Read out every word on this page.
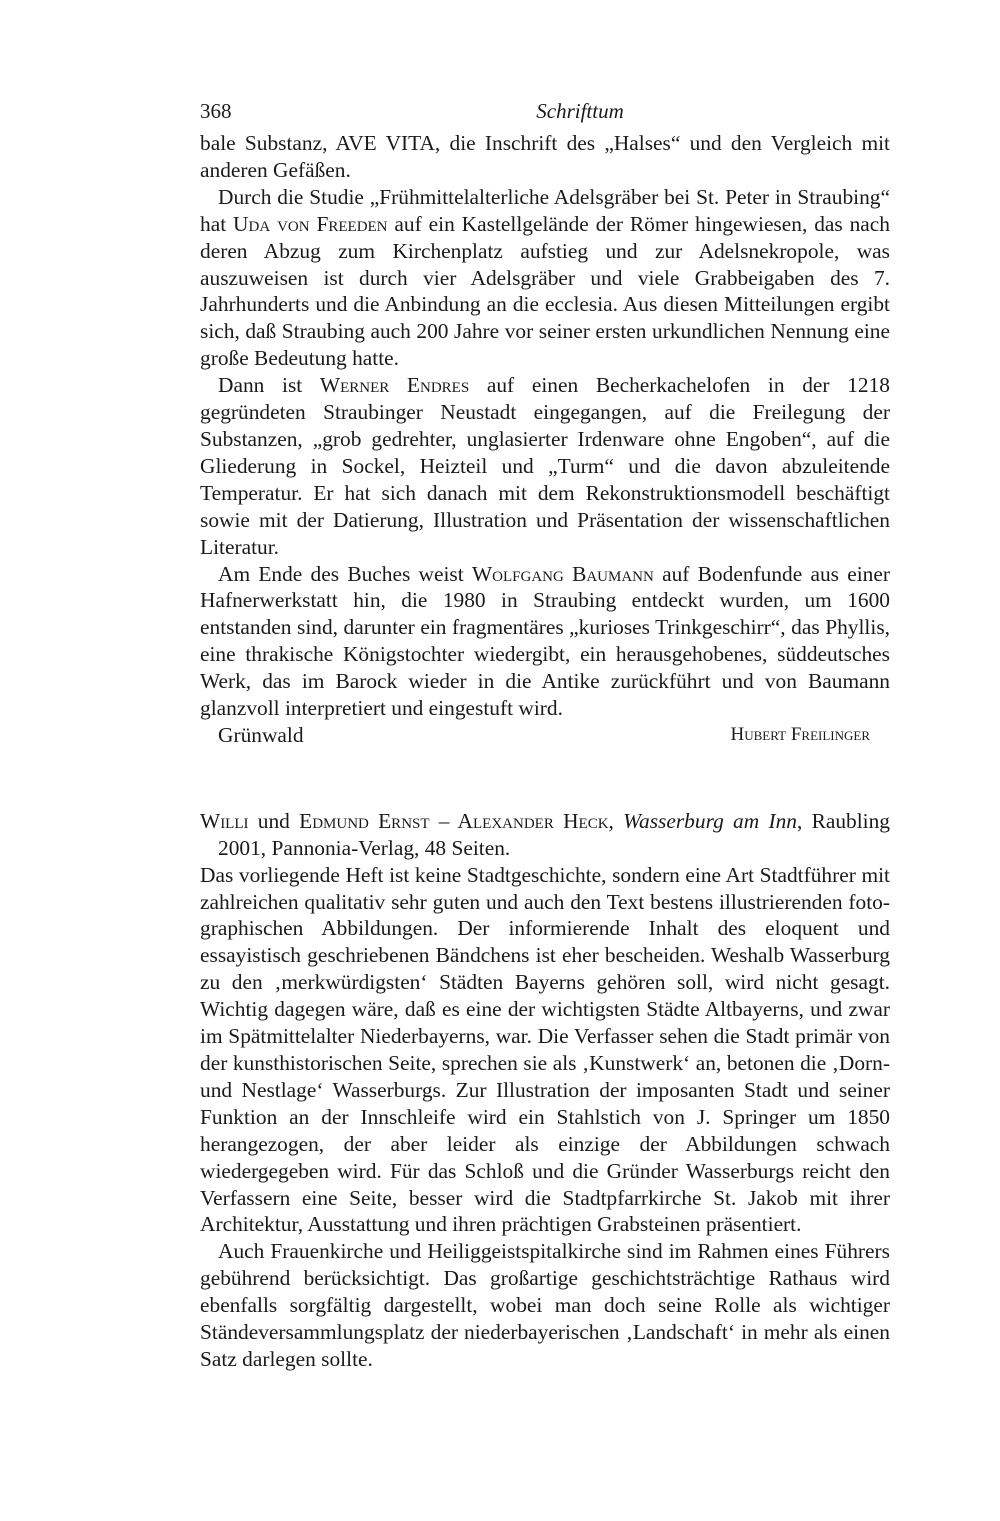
368	Schrifttum

bale Substanz, AVE VITA, die Inschrift des „Halses“ und den Vergleich mit anderen Gefäßen.

Durch die Studie „Frühmittelalterliche Adelsgräber bei St. Peter in Straubing“ hat Uda von Freeden auf ein Kastellgelände der Römer hingewiesen, das nach deren Abzug zum Kirchenplatz aufstieg und zur Adelsnekropole, was auszuweisen ist durch vier Adelsgräber und viele Grabbeigaben des 7. Jahrhunderts und die Anbindung an die ecclesia. Aus diesen Mitteilungen ergibt sich, daß Straubing auch 200 Jahre vor seiner ersten urkundlichen Nennung eine große Bedeutung hatte.

Dann ist Werner Endres auf einen Becherkachelofen in der 1218 gegründeten Straubinger Neustadt eingegangen, auf die Freilegung der Substanzen, „grob gedrehter, unglasierter Irdenware ohne Engoben“, auf die Gliederung in Sockel, Heizteil und „Turm“ und die davon abzuleitende Temperatur. Er hat sich danach mit dem Rekonstruktionsmodell beschäftigt sowie mit der Datierung, Illustration und Präsentation der wissenschaftlichen Literatur.

Am Ende des Buches weist Wolfgang Baumann auf Bodenfunde aus einer Hafnerwerkstatt hin, die 1980 in Straubing entdeckt wurden, um 1600 entstanden sind, darunter ein fragmentäres „kurioses Trinkgeschirr“, das Phyllis, eine thrakische Königstochter wiedergibt, ein herausgehobenes, süddeutsches Werk, das im Barock wieder in die Antike zurückführt und von Baumann glanzvoll interpretiert und eingestuft wird.

Grünwald	Hubert Freilinger
Willi und Edmund Ernst – Alexander Heck, Wasserburg am Inn, Raubling 2001, Pannonia-Verlag, 48 Seiten.

Das vorliegende Heft ist keine Stadtgeschichte, sondern eine Art Stadtführer mit zahlreichen qualitativ sehr guten und auch den Text bestens illustrierenden fotographischen Abbildungen. Der informierende Inhalt des eloquent und essayistisch geschriebenen Bändchens ist eher bescheiden. Weshalb Wasserburg zu den ‚merkwürdigsten‘ Städten Bayerns gehören soll, wird nicht gesagt. Wichtig dagegen wäre, daß es eine der wichtigsten Städte Altbayerns, und zwar im Spätmittelalter Niederbayerns, war. Die Verfasser sehen die Stadt primär von der kunsthistorischen Seite, sprechen sie als ‚Kunstwerk‘ an, betonen die ‚Dorn- und Nestlage‘ Wasserburgs. Zur Illustration der imposanten Stadt und seiner Funktion an der Innschleife wird ein Stahlstich von J. Springer um 1850 herangezogen, der aber leider als einzige der Abbildungen schwach wiedergegeben wird. Für das Schloß und die Gründer Wasserburgs reicht den Verfassern eine Seite, besser wird die Stadtpfarrkirche St. Jakob mit ihrer Architektur, Ausstattung und ihren prächtigen Grabsteinen präsentiert.

Auch Frauenkirche und Heiliggeistspitalkirche sind im Rahmen eines Führers gebührend berücksichtigt. Das großartige geschichtsträchtige Rathaus wird ebenfalls sorgfältig dargestellt, wobei man doch seine Rolle als wichtiger Ständeversammlungsplatz der niederbayerischen ‚Landschaft‘ in mehr als einen Satz darlegen sollte.
